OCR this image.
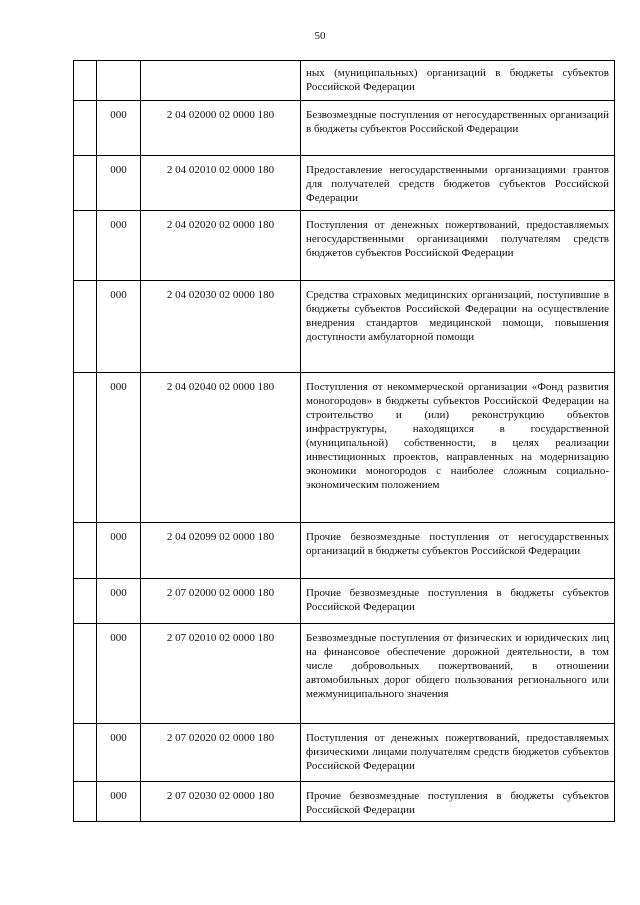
50
			ных (муниципальных) организаций в бюджеты субъектов Российской Федерации
	000	2 04 02000 02 0000 180	Безвозмездные поступления от негосударственных организаций в бюджеты субъектов Российской Федерации
	000	2 04 02010 02 0000 180	Предоставление негосударственными организациями грантов для получателей средств бюджетов субъектов Российской Федерации
	000	2 04 02020 02 0000 180	Поступления от денежных пожертвований, предоставляемых негосударственными организациями получателям средств бюджетов субъектов Российской Федерации
	000	2 04 02030 02 0000 180	Средства страховых медицинских организаций, поступившие в бюджеты субъектов Российской Федерации на осуществление внедрения стандартов медицинской помощи, повышения доступности амбулаторной помощи
	000	2 04 02040 02 0000 180	Поступления от некоммерческой организации «Фонд развития моногородов» в бюджеты субъектов Российской Федерации на строительство и (или) реконструкцию объектов инфраструктуры, находящихся в государственной (муниципальной) собственности, в целях реализации инвестиционных проектов, направленных на модернизацию экономики моногородов с наиболее сложным социально-экономическим положением
	000	2 04 02099 02 0000 180	Прочие безвозмездные поступления от негосударственных организаций в бюджеты субъектов Российской Федерации
	000	2 07 02000 02 0000 180	Прочие безвозмездные поступления в бюджеты субъектов Российской Федерации
	000	2 07 02010 02 0000 180	Безвозмездные поступления от физических и юридических лиц на финансовое обеспечение дорожной деятельности, в том числе добровольных пожертвований, в отношении автомобильных дорог общего пользования регионального или межмуниципального значения
	000	2 07 02020 02 0000 180	Поступления от денежных пожертвований, предоставляемых физическими лицами получателям средств бюджетов субъектов Российской Федерации
	000	2 07 02030 02 0000 180	Прочие безвозмездные поступления в бюджеты субъектов Российской Федерации
